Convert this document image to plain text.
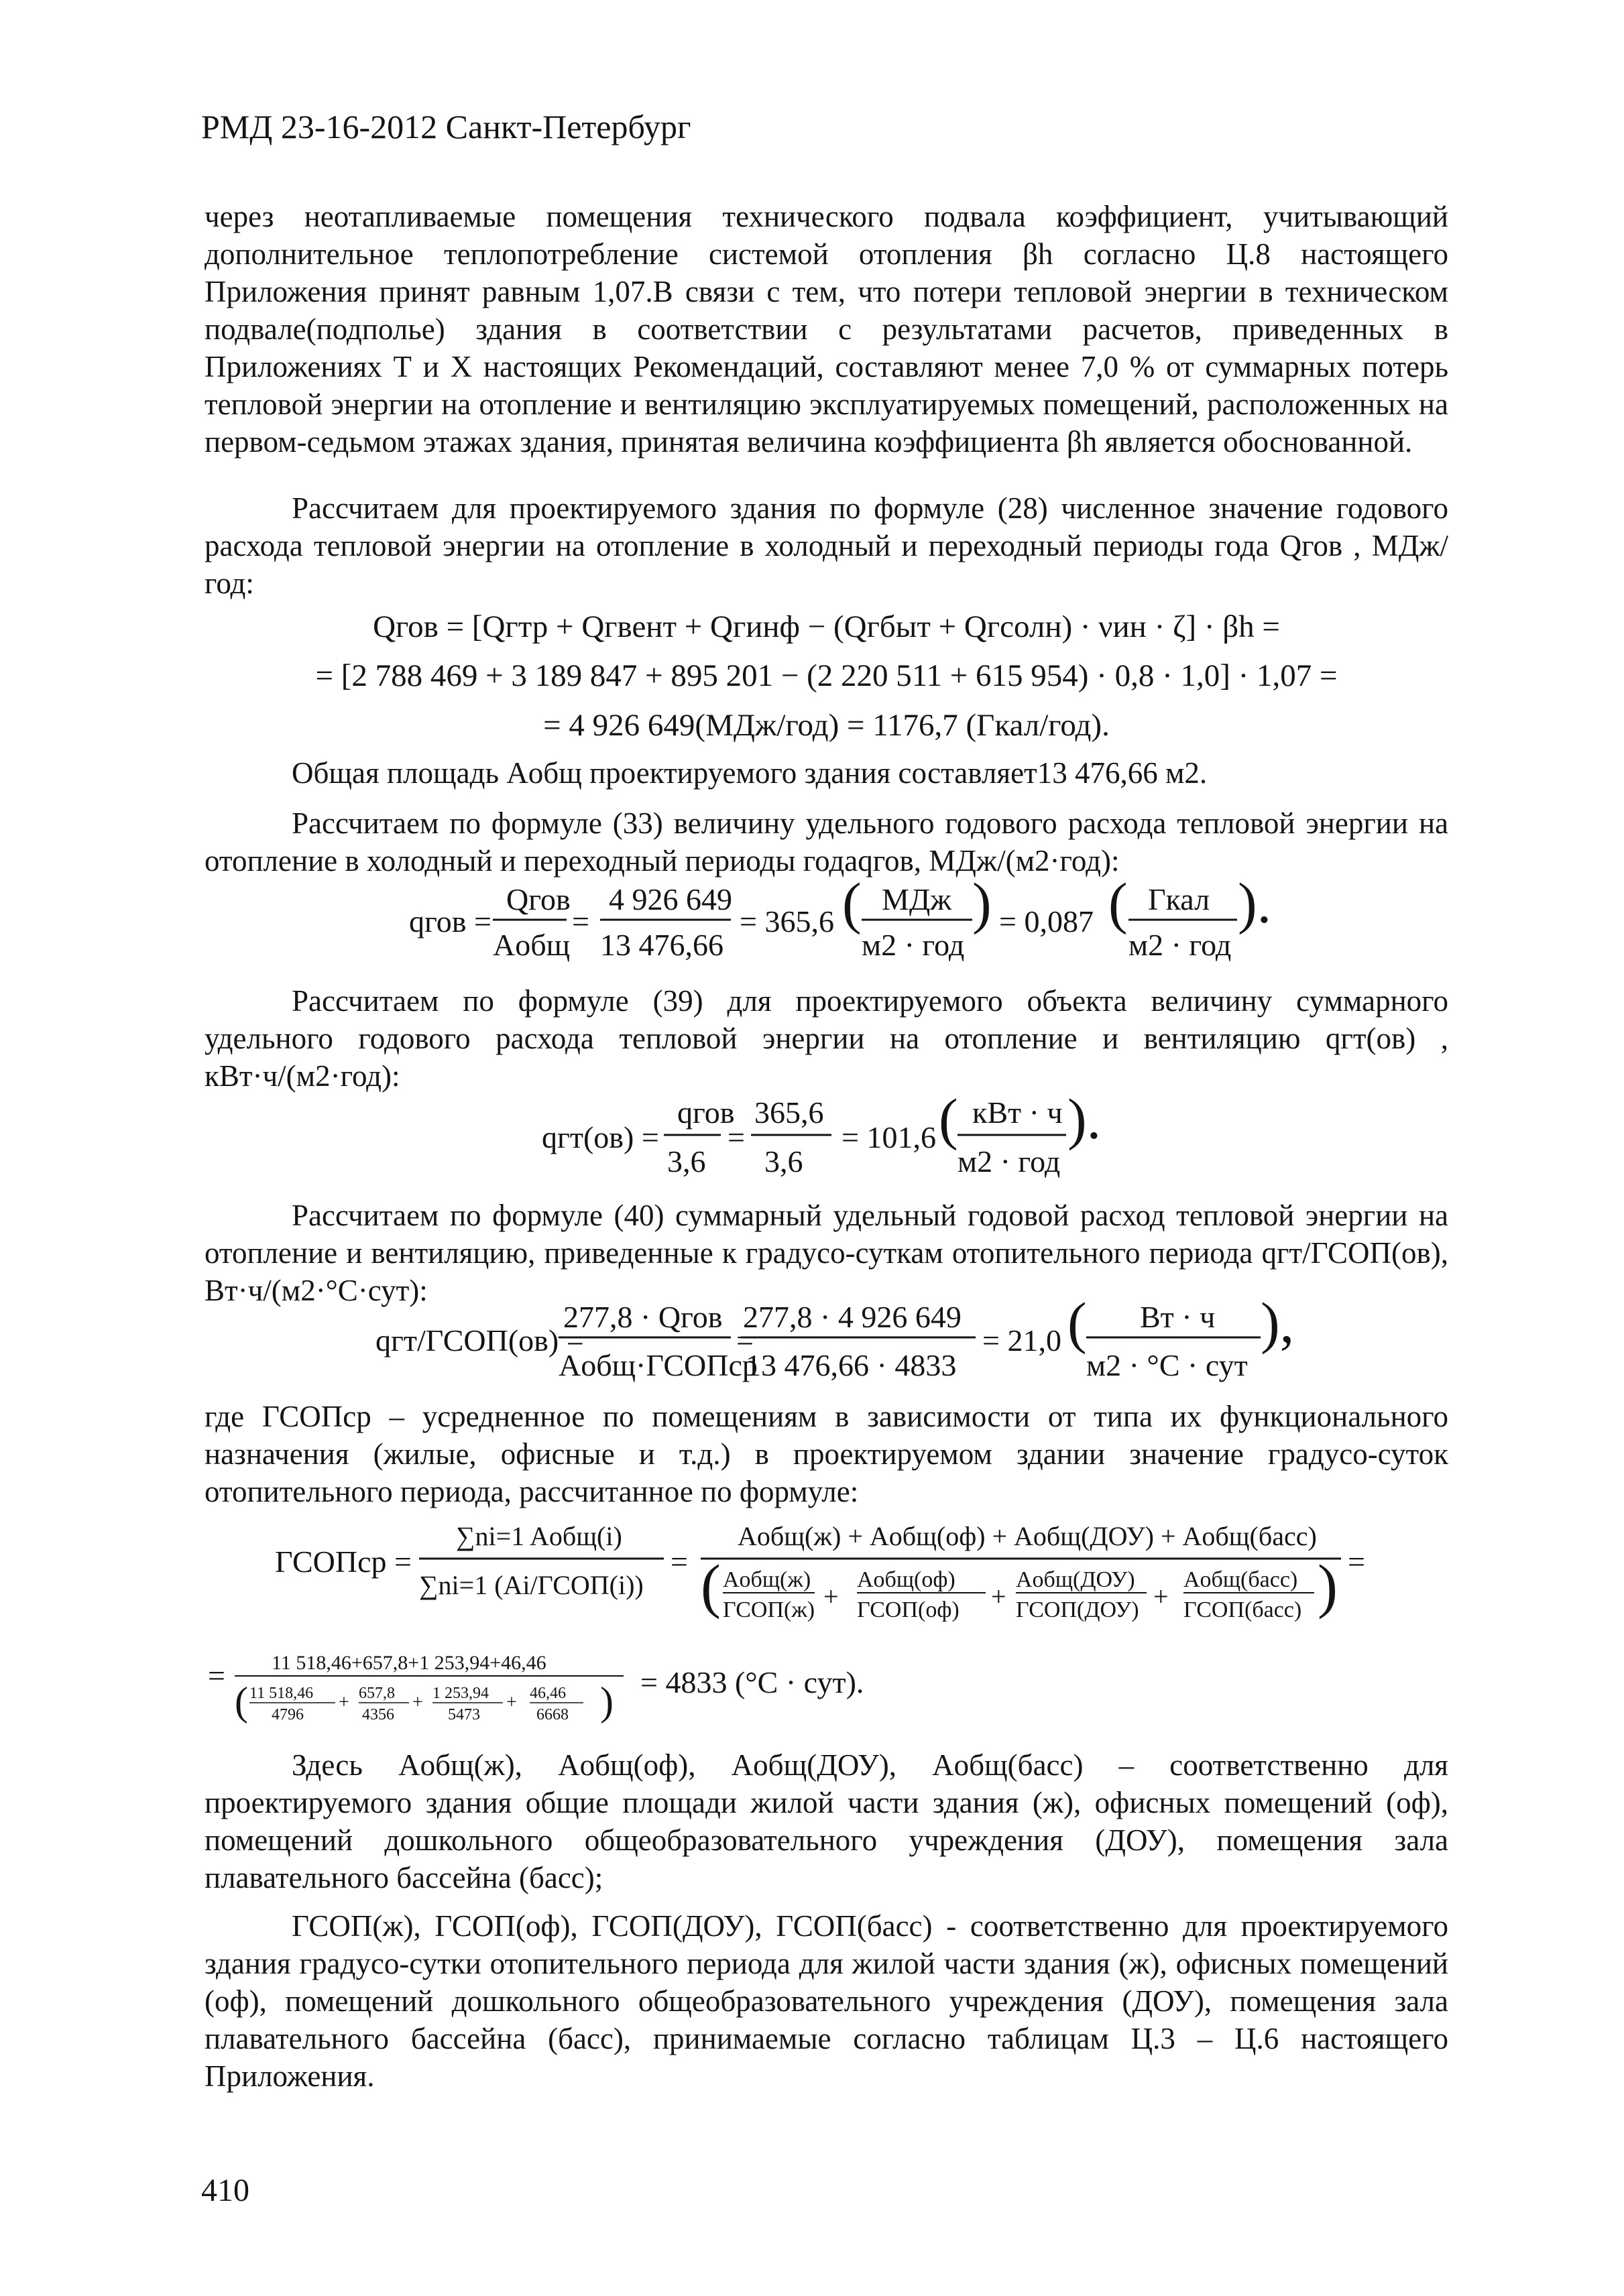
РМД 23-16-2012 Санкт-Петербург
через неотапливаемые помещения технического подвала коэффициент, учитывающий дополнительное теплопотребление системой отопления βh согласно Ц.8 настоящего Приложения принят равным 1,07.В связи с тем, что потери тепловой энергии в техническом подвале(подполье) здания в соответствии с результатами расчетов, приведенных в Приложениях Т и Х настоящих Рекомендаций, составляют менее 7,0 % от суммарных потерь тепловой энергии на отопление и вентиляцию эксплуатируемых помещений, расположенных на первом-седьмом этажах здания, принятая величина коэффициента βh является обоснованной.
Рассчитаем для проектируемого здания по формуле (28) численное значение годового расхода тепловой энергии на отопление в холодный и переходный периоды года Qгов , МДж/год:
Qгов = [Qгтр + Qгвент + Qгинф − (Qгбыт + Qгсолн) · νин · ζ] · βh =
= [2 788 469 + 3 189 847 + 895 201 − (2 220 511 + 615 954) · 0,8 · 1,0] · 1,07 =
= 4 926 649(МДж/год) = 1176,7 (Гкал/год).
Общая площадь Aобщ проектируемого здания составляет13 476,66 м2.
Рассчитаем по формуле (33) величину удельного годового расхода тепловой энергии на отопление в холодный и переходный периоды годаqгов, МДж/(м2·год):
qгов =
Qгов
Aобщ
=
4 926 649
13 476,66
= 365,6 ( МДж
м2 · год
) = 0,087 ( Гкал
м2 · год
).
qгт(ов) =
qгов
3,6
=
365,6
3,6
= 101,6 ( кВт · ч
м2 · год
).
qгт/ГСОП(ов) =
277,8 · Qгов
Aобщ·ГСОПср
=
277,8 · 4 926 649
13 476,66 · 4833
= 21,0 ( Вт · ч
м2 · °С · сут
),
ГСОПср =
∑ni=1 Aобщ(i)
∑ni=1 (Ai/ГСОП(i))
=
Aобщ(ж) + Aобщ(оф) + Aобщ(ДОУ) + Aобщ(басс)
( Aобщ(ж)
ГСОП(ж) +
Aобщ(оф)
ГСОП(оф) +
Aобщ(ДОУ)
ГСОП(ДОУ) +
Aобщ(басс)
ГСОП(басс) ) =
= 11 518,46+657,8+1 253,94+46,46
( 11 518,46
4796
+ 657,8
4356
+ 1 253,94
5473
+ 46,46
6668 ) = 4833 (°С · сут).
Рассчитаем по формуле (39) для проектируемого объекта величину суммарного удельного годового расхода тепловой энергии на отопление и вентиляцию qгт(ов) , кВт·ч/(м2·год):
Рассчитаем по формуле (40) суммарный удельный годовой расход тепловой энергии на отопление и вентиляцию, приведенные к градусо-суткам отопительного периода qгт/ГСОП(ов), Вт·ч/(м2·°С·сут):
где ГСОПср – усредненное по помещениям в зависимости от типа их функционального назначения (жилые, офисные и т.д.) в проектируемом здании значение градусо-суток отопительного периода, рассчитанное по формуле:
Здесь Aобщ(ж), Aобщ(оф), Aобщ(ДОУ), Aобщ(басс) – соответственно для проектируемого здания общие площади жилой части здания (ж), офисных помещений (оф), помещений дошкольного общеобразовательного учреждения (ДОУ), помещения зала плавательного бассейна (басс);
ГСОП(ж), ГСОП(оф), ГСОП(ДОУ), ГСОП(басс) - соответственно для проектируемого здания градусо-сутки отопительного периода для жилой части здания (ж), офисных помещений (оф), помещений дошкольного общеобразовательного учреждения (ДОУ), помещения зала плавательного бассейна (басс), принимаемые согласно таблицам Ц.3 – Ц.6 настоящего Приложения.
410
